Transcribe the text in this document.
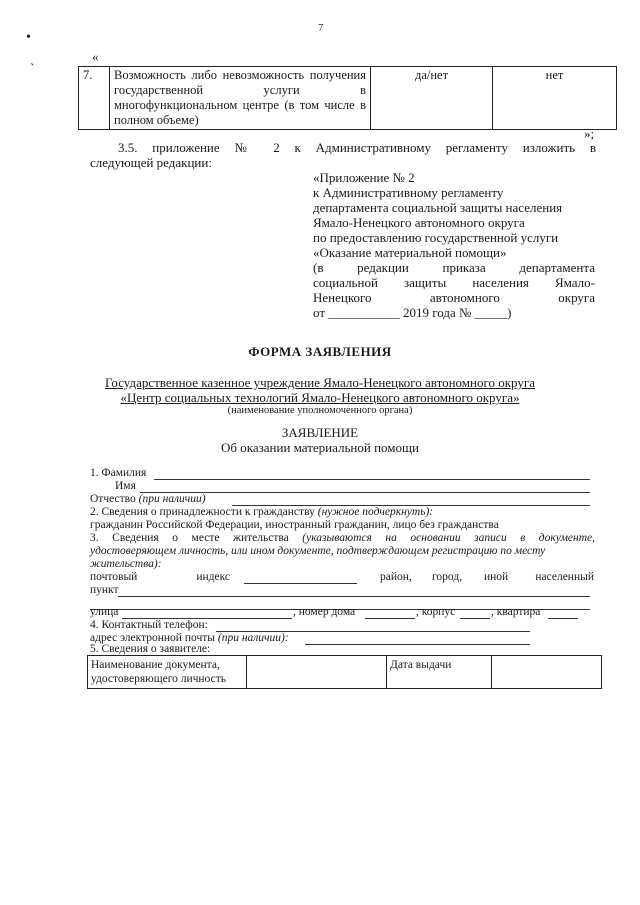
7
•
ˋ
«
7.	Возможность либо невозможность получения государственной услуги в многофункциональном центре (в том числе в полном объеме)	да/нет	нет
»;
3.5. приложение № 2 к Административному регламенту изложить в
следующей редакции:
«Приложение № 2
к Административному регламенту
департамента социальной защиты населения
Ямало-Ненецкого автономного округа
по предоставлению государственной услуги
«Оказание материальной помощи»
(в редакции приказа департамента
социальной защиты населения Ямало-
Ненецкого автономного округа
от ___________ 2019 года № _____)
ФОРМА ЗАЯВЛЕНИЯ
Государственное казенное учреждение Ямало-Ненецкого автономного округа
«Центр социальных технологий Ямало-Ненецкого автономного округа»
(наименование уполномоченного органа)
ЗАЯВЛЕНИЕ
Об оказании материальной помощи
1. Фамилия
Имя
Отчество (при наличии)
2. Сведения о принадлежности к гражданству (нужное подчеркнуть):
гражданин Российской Федерации, иностранный гражданин, лицо без гражданства
3. Сведения о месте жительства (указываются на основании записи в документе,
удостоверяющем личность, или ином документе, подтверждающем регистрацию по месту
жительства):
почтовый индекс	район, город, иной населенный
пункт
улица	, номер дома	, корпус	, квартира
4. Контактный телефон:
адрес электронной почты (при наличии):
5. Сведения о заявителе:
Наименование документа,
удостоверяющего личность
		Дата выдачи	
